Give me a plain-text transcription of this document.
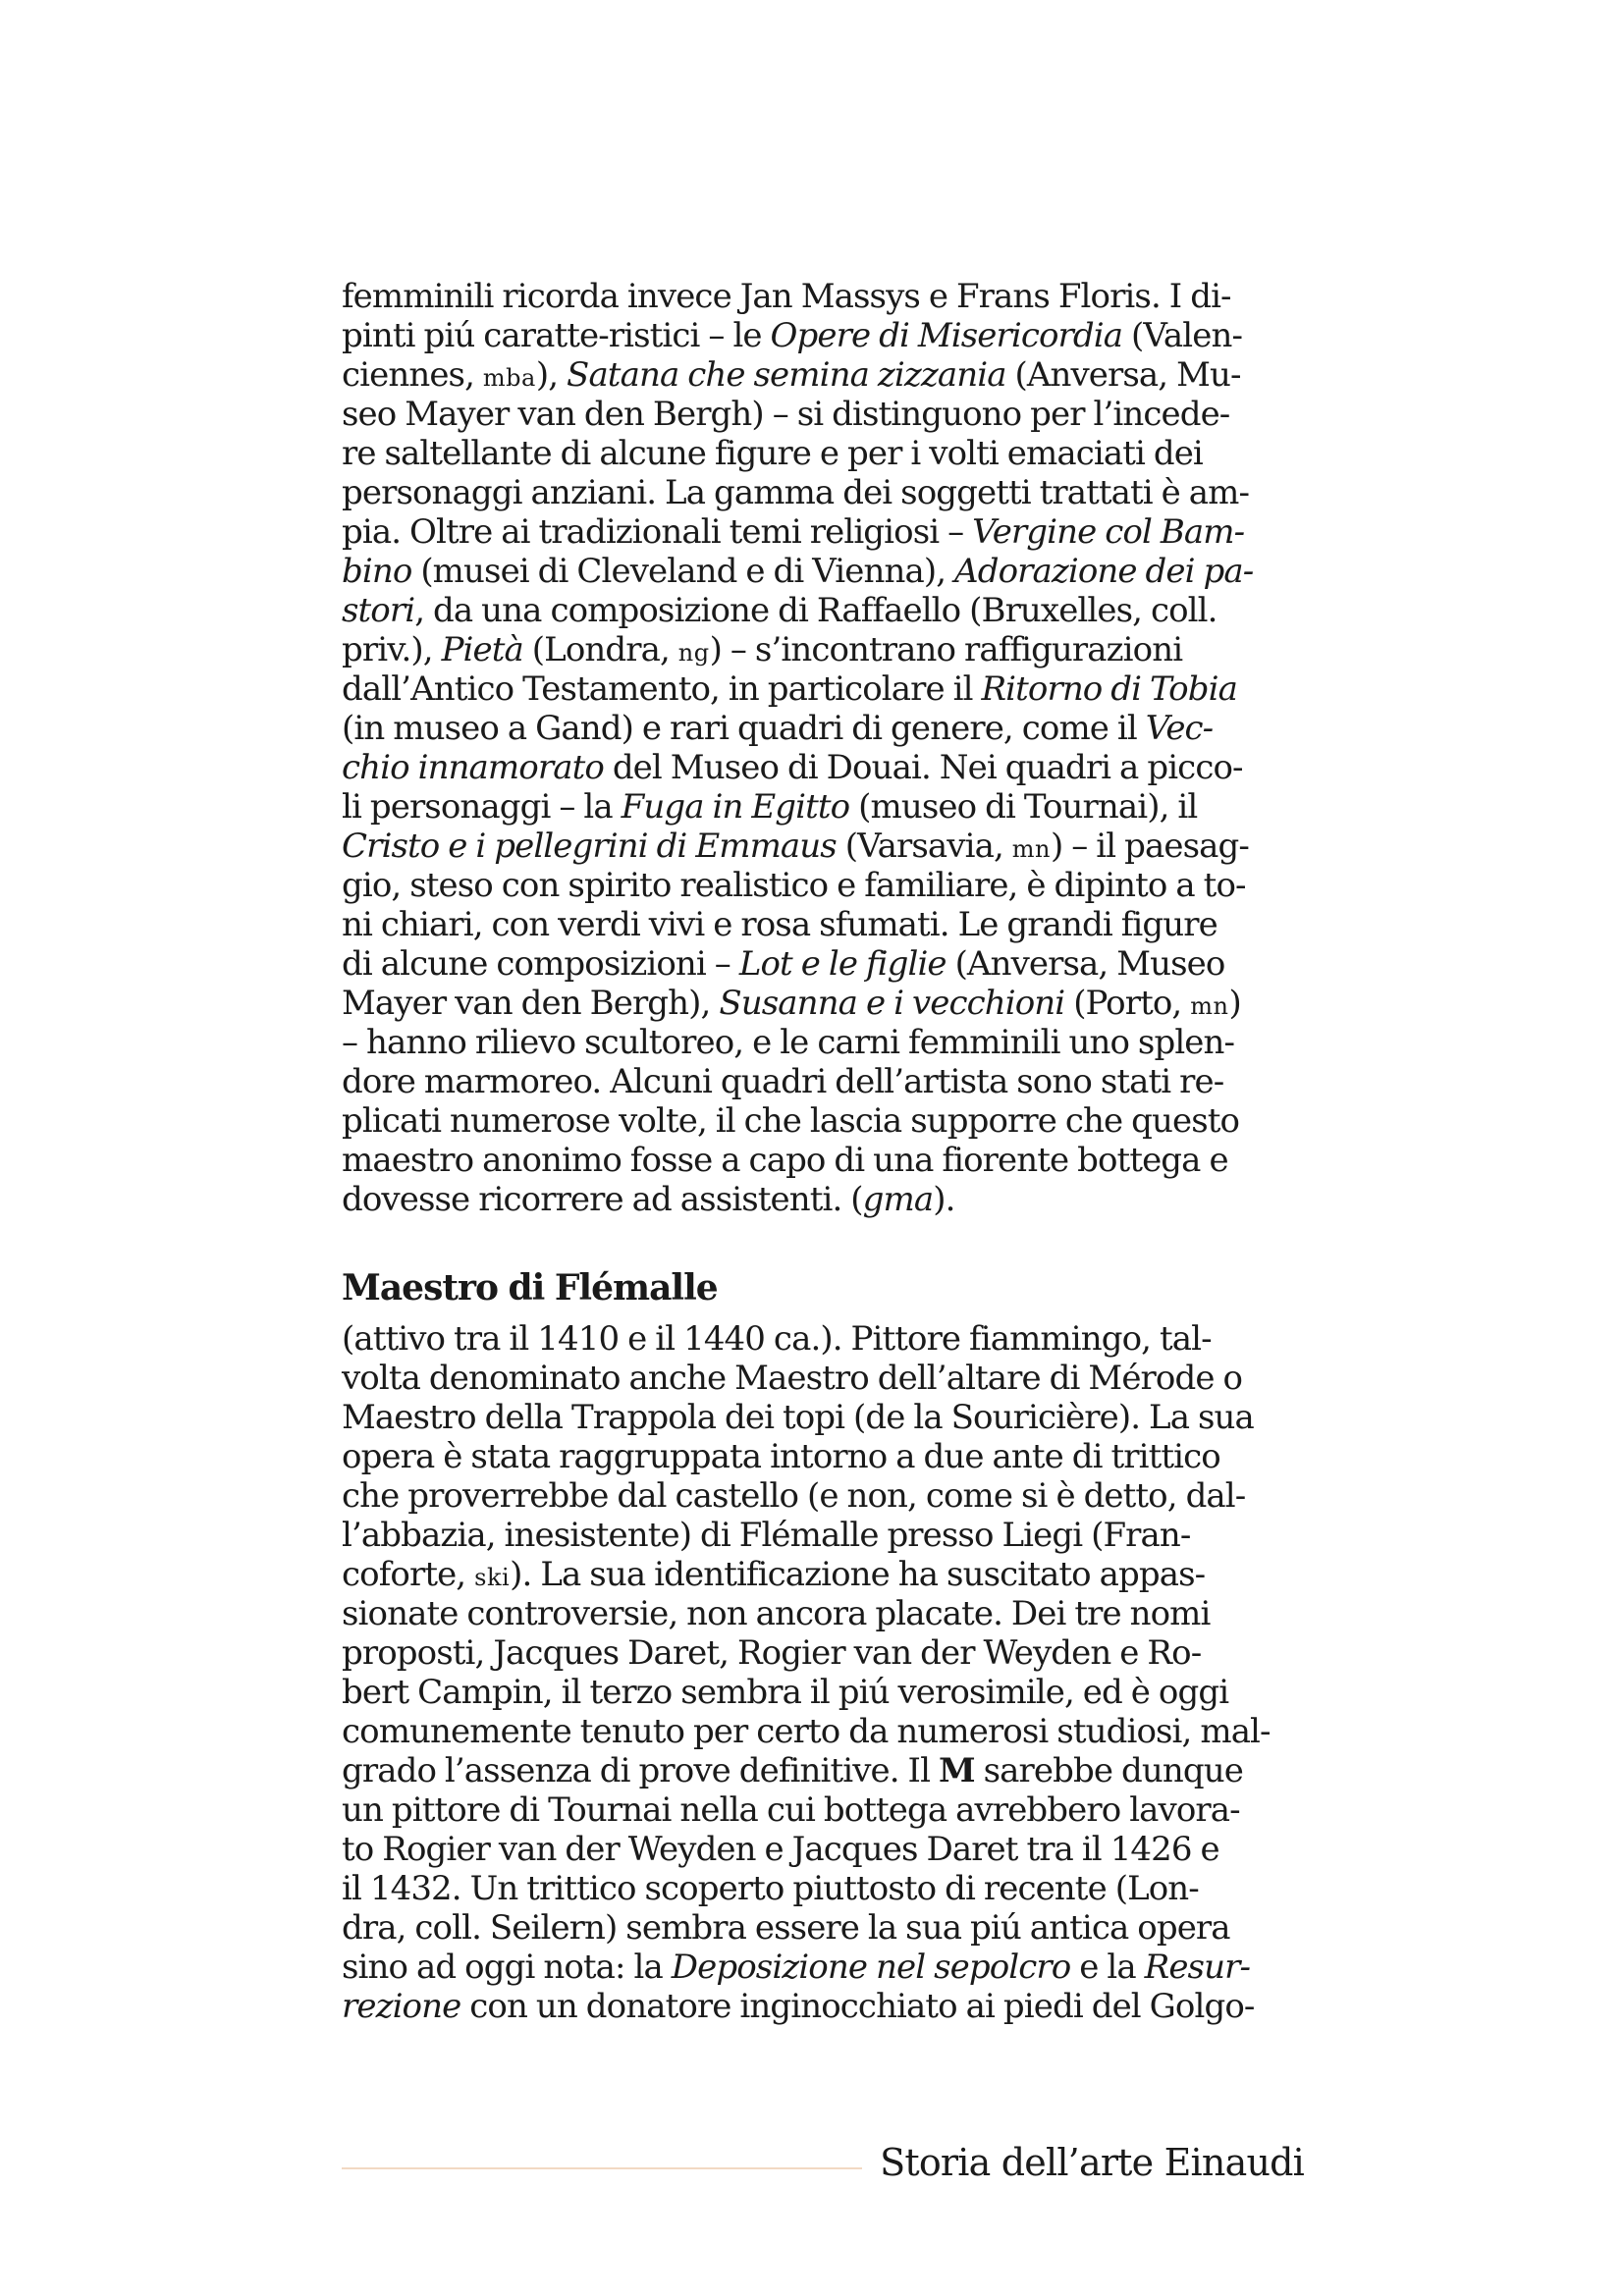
femminili ricorda invece Jan Massys e Frans Floris. I di-
pinti piú caratte-ristici – le Opere di Misericordia (Valen-
ciennes, mba), Satana che semina zizzania (Anversa, Mu-
seo Mayer van den Bergh) – si distinguono per l’incede-
re saltellante di alcune figure e per i volti emaciati dei
personaggi anziani. La gamma dei soggetti trattati è am-
pia. Oltre ai tradizionali temi religiosi – Vergine col Bam-
bino (musei di Cleveland e di Vienna), Adorazione dei pa-
stori, da una composizione di Raffaello (Bruxelles, coll.
priv.), Pietà (Londra, ng) – s’incontrano raffigurazioni
dall’Antico Testamento, in particolare il Ritorno di Tobia
(in museo a Gand) e rari quadri di genere, come il Vec-
chio innamorato del Museo di Douai. Nei quadri a picco-
li personaggi – la Fuga in Egitto (museo di Tournai), il
Cristo e i pellegrini di Emmaus (Varsavia, mn) – il paesag-
gio, steso con spirito realistico e familiare, è dipinto a to-
ni chiari, con verdi vivi e rosa sfumati. Le grandi figure
di alcune composizioni – Lot e le figlie (Anversa, Museo
Mayer van den Bergh), Susanna e i vecchioni (Porto, mn)
– hanno rilievo scultoreo, e le carni femminili uno splen-
dore marmoreo. Alcuni quadri dell’artista sono stati re-
plicati numerose volte, il che lascia supporre che questo
maestro anonimo fosse a capo di una fiorente bottega e
dovesse ricorrere ad assistenti. (gma).
Maestro di Flémalle
(attivo tra il 1410 e il 1440 ca.). Pittore fiammingo, tal-
volta denominato anche Maestro dell’altare di Mérode o
Maestro della Trappola dei topi (de la Souricière). La sua
opera è stata raggruppata intorno a due ante di trittico
che proverrebbe dal castello (e non, come si è detto, dal-
l’abbazia, inesistente) di Flémalle presso Liegi (Fran-
coforte, ski). La sua identificazione ha suscitato appas-
sionate controversie, non ancora placate. Dei tre nomi
proposti, Jacques Daret, Rogier van der Weyden e Ro-
bert Campin, il terzo sembra il piú verosimile, ed è oggi
comunemente tenuto per certo da numerosi studiosi, mal-
grado l’assenza di prove definitive. Il M sarebbe dunque
un pittore di Tournai nella cui bottega avrebbero lavora-
to Rogier van der Weyden e Jacques Daret tra il 1426 e
il 1432. Un trittico scoperto piuttosto di recente (Lon-
dra, coll. Seilern) sembra essere la sua piú antica opera
sino ad oggi nota: la Deposizione nel sepolcro e la Resur-
rezione con un donatore inginocchiato ai piedi del Golgo-
Storia dell’arte Einaudi
